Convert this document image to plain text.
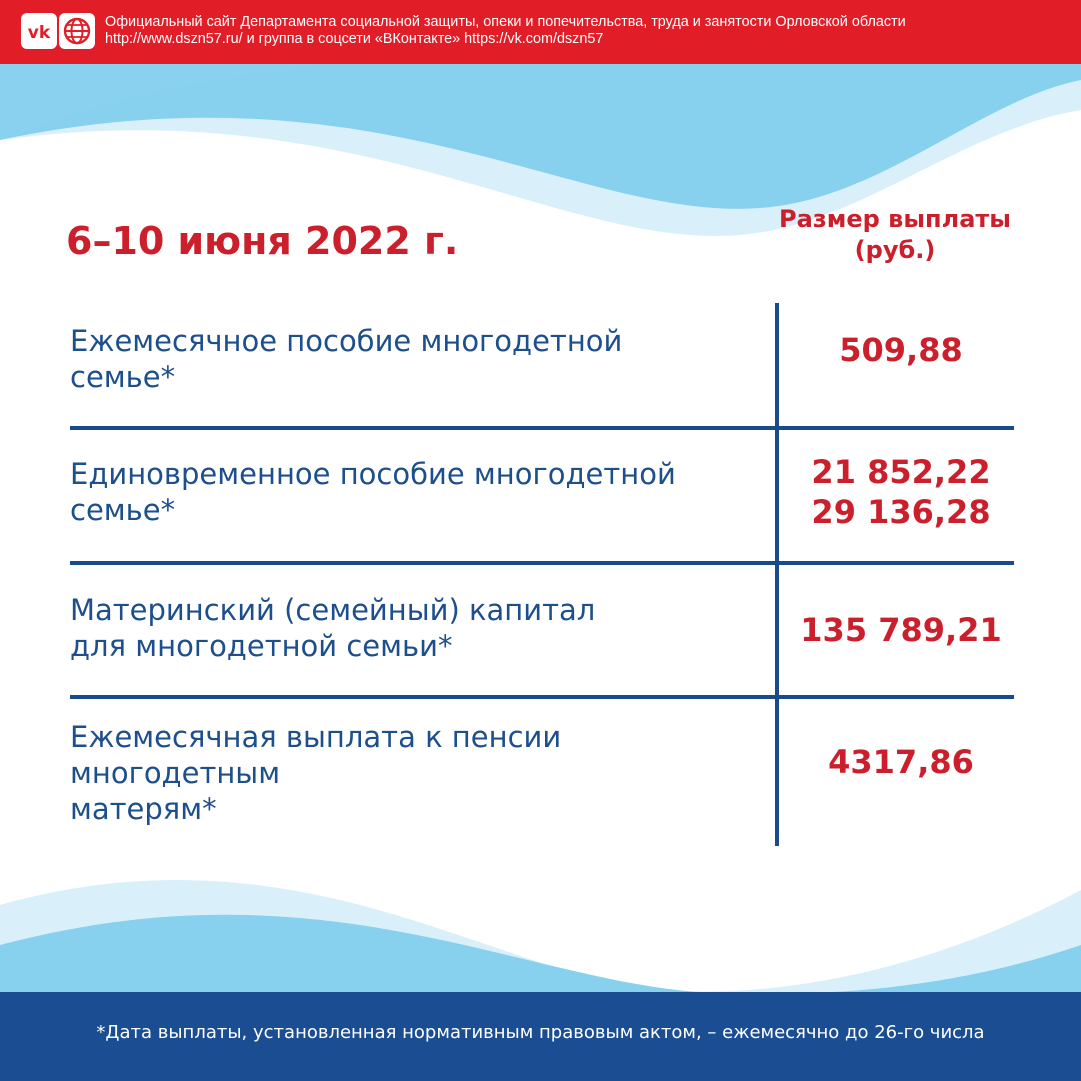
vk
Официальный сайт Департамента социальной защиты, опеки и попечительства, труда и занятости Орловской области
http://www.dszn57.ru/ и группа в соцсети «ВКонтакте» https://vk.com/dszn57
6–10 июня 2022 г.	Размер выплаты
(руб.)
Ежемесячное пособие многодетной
семье*
509,88
Единовременное пособие многодетной
семье*
21 852,22
29 136,28
Материнский (семейный) капитал
для многодетной семьи*	135 789,21
Ежемесячная выплата к пенсии многодетным
матерям*
4317,86
*Дата выплаты, установленная нормативным правовым актом, – ежемесячно до 26-го числа
